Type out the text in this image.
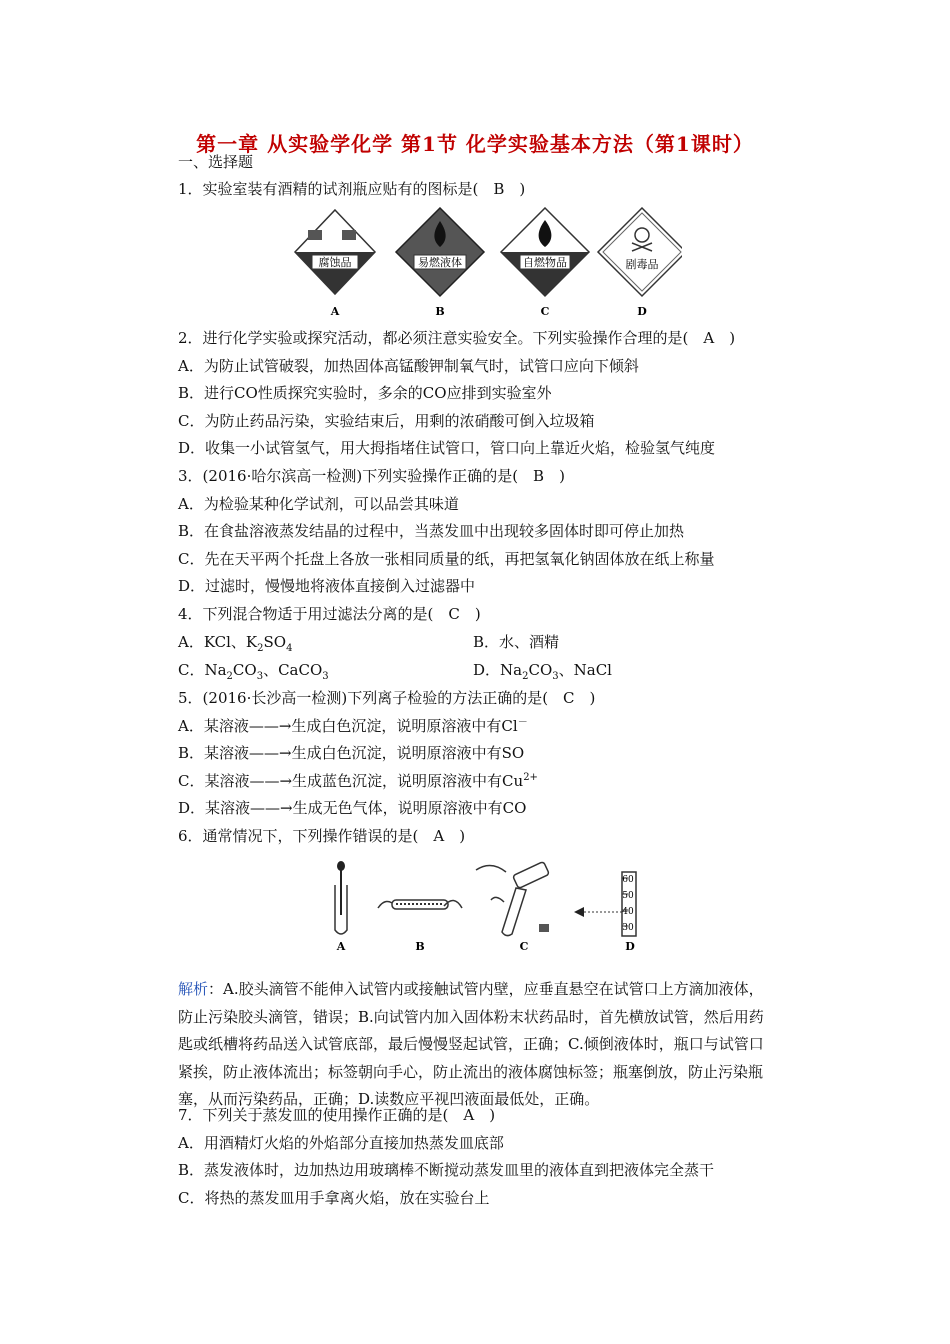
第一章 从实验学化学 第1节 化学实验基本方法（第1课时）
一、选择题
1．实验室装有酒精的试剂瓶应贴有的图标是(　B　)
腐蚀品
A
易燃液体
B
自燃物品
C
剧毒品
D
2．进行化学实验或探究活动，都必须注意实验安全。下列实验操作合理的是(　A　)
A．为防止试管破裂，加热固体高锰酸钾制氧气时，试管口应向下倾斜
B．进行CO性质探究实验时，多余的CO应排到实验室外
C．为防止药品污染，实验结束后，用剩的浓硝酸可倒入垃圾箱
D．收集一小试管氢气，用大拇指堵住试管口，管口向上靠近火焰，检验氢气纯度
3．(2016·哈尔滨高一检测)下列实验操作正确的是(　B　)
A．为检验某种化学试剂，可以品尝其味道
B．在食盐溶液蒸发结晶的过程中，当蒸发皿中出现较多固体时即可停止加热
C．先在天平两个托盘上各放一张相同质量的纸，再把氢氧化钠固体放在纸上称量
D．过滤时，慢慢地将液体直接倒入过滤器中
4．下列混合物适于用过滤法分离的是(　C　)
A．KCl、$K_2SO_4$	B．水、酒精
C．$Na_2CO_3$、CaCO$_3$	D．$Na_2CO_3$、NaCl
5．(2016·长沙高一检测)下列离子检验的方法正确的是(　C　)
A．某溶液——→生成白色沉淀，说明原溶液中有Cl－
B．某溶液——→生成白色沉淀，说明原溶液中有SO
C．某溶液——→生成蓝色沉淀，说明原溶液中有$Cu^{2+}$
D．某溶液——→生成无色气体，说明原溶液中有CO
6．通常情况下，下列操作错误的是(　A　)
A	B	C
60
50
40
30
D
解析：A.胶头滴管不能伸入试管内或接触试管内壁，应垂直悬空在试管口上方滴加液体，防止污染胶头滴管，错误；B.向试管内加入固体粉末状药品时，首先横放试管，然后用药匙或纸槽将药品送入试管底部，最后慢慢竖起试管，正确；C.倾倒液体时，瓶口与试管口紧挨，防止液体流出；标签朝向手心，防止流出的液体腐蚀标签；瓶塞倒放，防止污染瓶塞，从而污染药品，正确；D.读数应平视凹液面最低处，正确。
7．下列关于蒸发皿的使用操作正确的是(　A　)
A．用酒精灯火焰的外焰部分直接加热蒸发皿底部
B．蒸发液体时，边加热边用玻璃棒不断搅动蒸发皿里的液体直到把液体完全蒸干
C．将热的蒸发皿用手拿离火焰，放在实验台上
